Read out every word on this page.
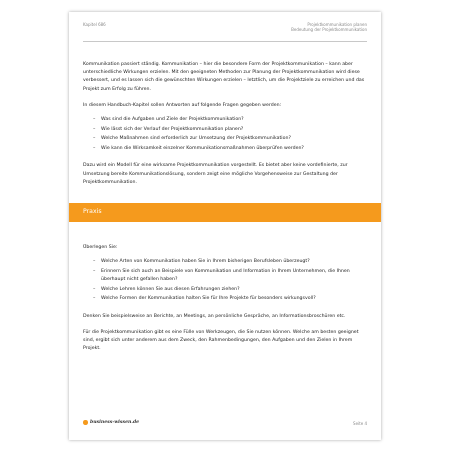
Kapitel 686	Projektkommunikation planen
Bedeutung der Projektkommunikation

Kommunikation passiert ständig. Kommunikation – hier die besondere Form der Projektkommunikation – kann aber unterschiedliche Wirkungen erzielen. Mit den geeigneten Methoden zur Planung der Projektkommunikation wird diese verbessert, und es lassen sich die gewünschten Wirkungen erzielen – letztlich, um die Projektziele zu erreichen und das Projekt zum Erfolg zu führen.

In diesem Handbuch-Kapitel sollen Antworten auf folgende Fragen gegeben werden:

– Was sind die Aufgaben und Ziele der Projektkommunikation?
– Wie lässt sich der Verlauf der Projektkommunikation planen?
– Welche Maßnahmen sind erforderlich zur Umsetzung der Projektkommunikation?
– Wie kann die Wirksamkeit einzelner Kommunikationsmaßnahmen überprüfen werden?

Dazu wird ein Modell für eine wirksame Projektkommunikation vorgestellt. Es bietet aber keine vordefinierte, zur Umsetzung bereite Kommunikationslösung, sondern zeigt eine mögliche Vorgehensweise zur Gestaltung der Projektkommunikation.

Praxis

Überlegen Sie:

– Welche Arten von Kommunikation haben Sie in Ihrem bisherigen Berufsleben überzeugt?
– Erinnern Sie sich auch an Beispiele von Kommunikation und Information in Ihrem Unternehmen, die Ihnen überhaupt nicht gefallen haben?
– Welche Lehren können Sie aus diesen Erfahrungen ziehen?
– Welche Formen der Kommunikation halten Sie für Ihre Projekte für besonders wirkungsvoll?

Denken Sie beispielsweise an Berichte, an Meetings, an persönliche Gespräche, an Informationsbroschüren etc.

Für die Projektkommunikation gibt es eine Fülle von Werkzeugen, die Sie nutzen können. Welche am besten geeignet sind, ergibt sich unter anderem aus dem Zweck, den Rahmenbedingungen, den Aufgaben und den Zielen in Ihrem Projekt.

business-wissen.de	Seite 4
